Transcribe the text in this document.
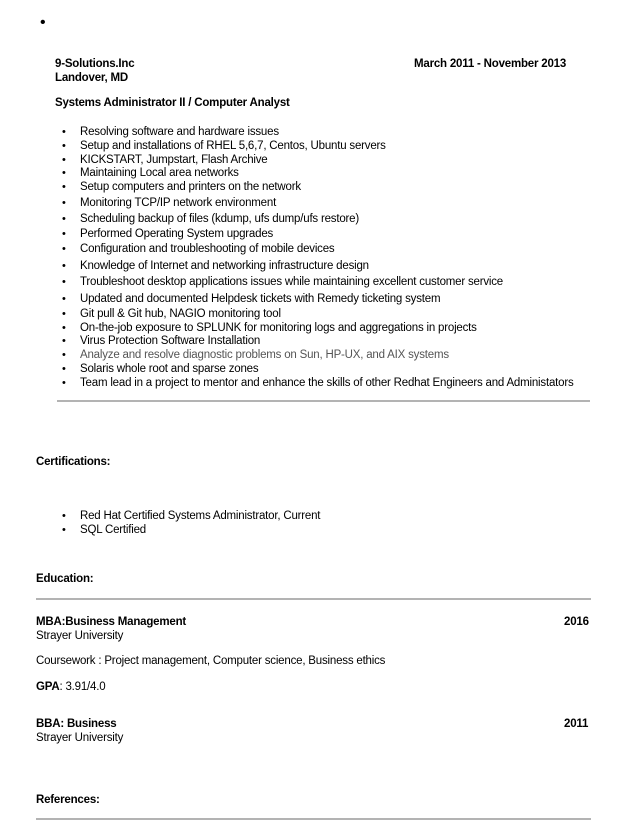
•
9-Solutions.Inc	March 2011 - November 2013
Landover, MD
Systems Administrator II / Computer Analyst
• Resolving software and hardware issues
• Setup and installations of RHEL 5,6,7, Centos, Ubuntu servers
• KICKSTART, Jumpstart, Flash Archive
• Maintaining Local area networks
• Setup computers and printers on the network
• Monitoring TCP/IP network environment
• Scheduling backup of files (kdump, ufs dump/ufs restore)
• Performed Operating System upgrades
• Configuration and troubleshooting of mobile devices
• Knowledge of Internet and networking infrastructure design
• Troubleshoot desktop applications issues while maintaining excellent customer service
• Updated and documented Helpdesk tickets with Remedy ticketing system
• Git pull & Git hub, NAGIO monitoring tool
• On-the-job exposure to SPLUNK for monitoring logs and aggregations in projects
• Virus Protection Software Installation
• Analyze and resolve diagnostic problems on Sun, HP-UX, and AIX systems
• Solaris whole root and sparse zones
• Team lead in a project to mentor and enhance the skills of other Redhat Engineers and Administators
Certifications:
• Red Hat Certified Systems Administrator, Current
• SQL Certified
Education:
MBA:Business Management	2016
Strayer University
Coursework : Project management, Computer science, Business ethics
GPA: 3.91/4.0
BBA: Business	2011
Strayer University
References:
